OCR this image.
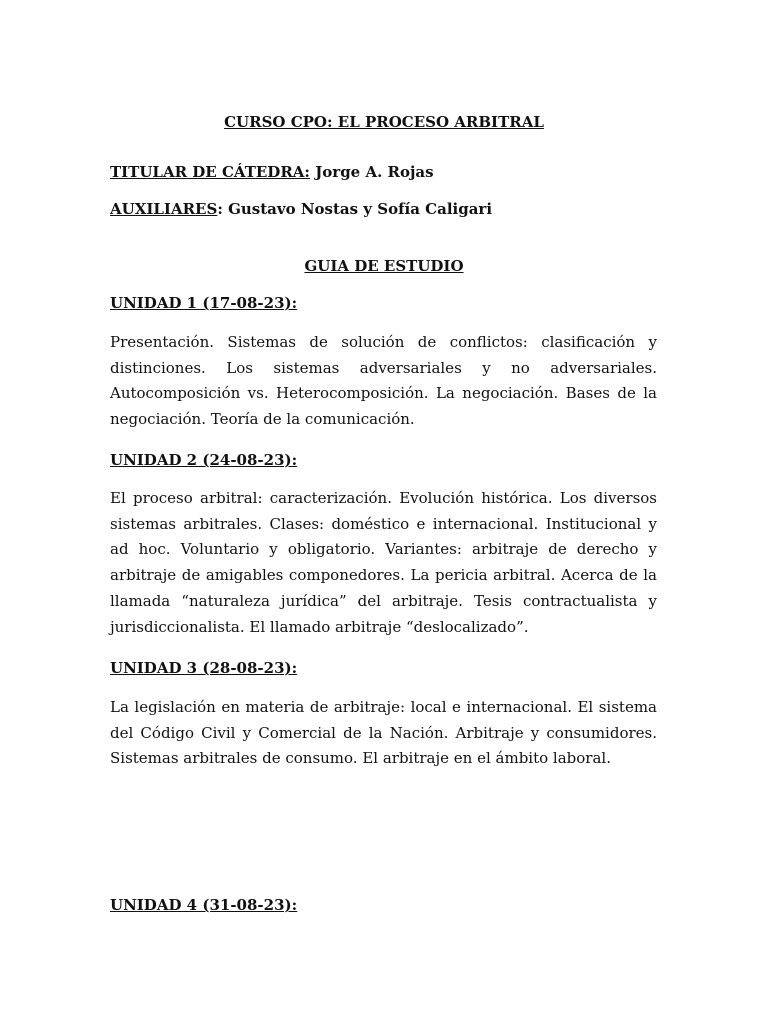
CURSO CPO: EL PROCESO ARBITRAL

TITULAR DE CÁTEDRA: Jorge A. Rojas

AUXILIARES: Gustavo Nostas y Sofía Caligari

GUIA DE ESTUDIO

UNIDAD 1 (17-08-23):

Presentación. Sistemas de solución de conflictos: clasificación y distinciones. Los sistemas adversariales y no adversariales. Autocomposición vs. Heterocomposición. La negociación. Bases de la negociación. Teoría de la comunicación.

UNIDAD 2 (24-08-23):

El proceso arbitral: caracterización. Evolución histórica. Los diversos sistemas arbitrales. Clases: doméstico e internacional. Institucional y ad hoc. Voluntario y obligatorio. Variantes: arbitraje de derecho y arbitraje de amigables componedores. La pericia arbitral. Acerca de la llamada “naturaleza jurídica” del arbitraje. Tesis contractualista y jurisdiccionalista. El llamado arbitraje “deslocalizado”.

UNIDAD 3 (28-08-23):

La legislación en materia de arbitraje: local e internacional. El sistema del Código Civil y Comercial de la Nación. Arbitraje y consumidores. Sistemas arbitrales de consumo. El arbitraje en el ámbito laboral.

UNIDAD 4 (31-08-23):
